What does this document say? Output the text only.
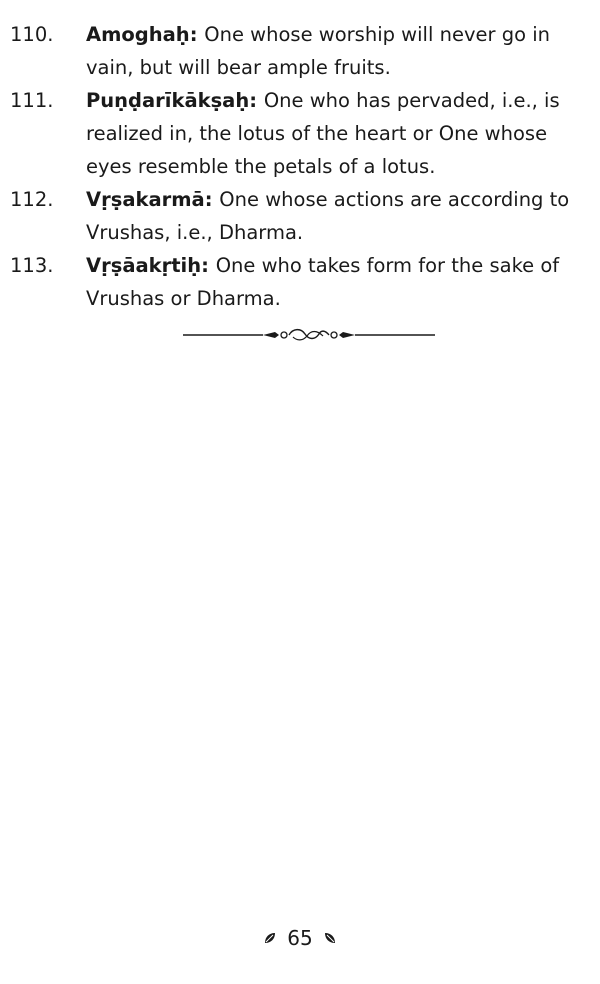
110.	Amoghaḥ: One whose worship will never go in vain, but will bear ample fruits.
111.	Puṇḍarīkākṣaḥ: One who has pervaded, i.e., is realized in, the lotus of the heart or One whose eyes resemble the petals of a lotus.
112.	Vṛṣakarmā: One whose actions are according to Vrushas, i.e., Dharma.
113.	Vṛṣāakṛtiḥ: One who takes form for the sake of Vrushas or Dharma.
65
